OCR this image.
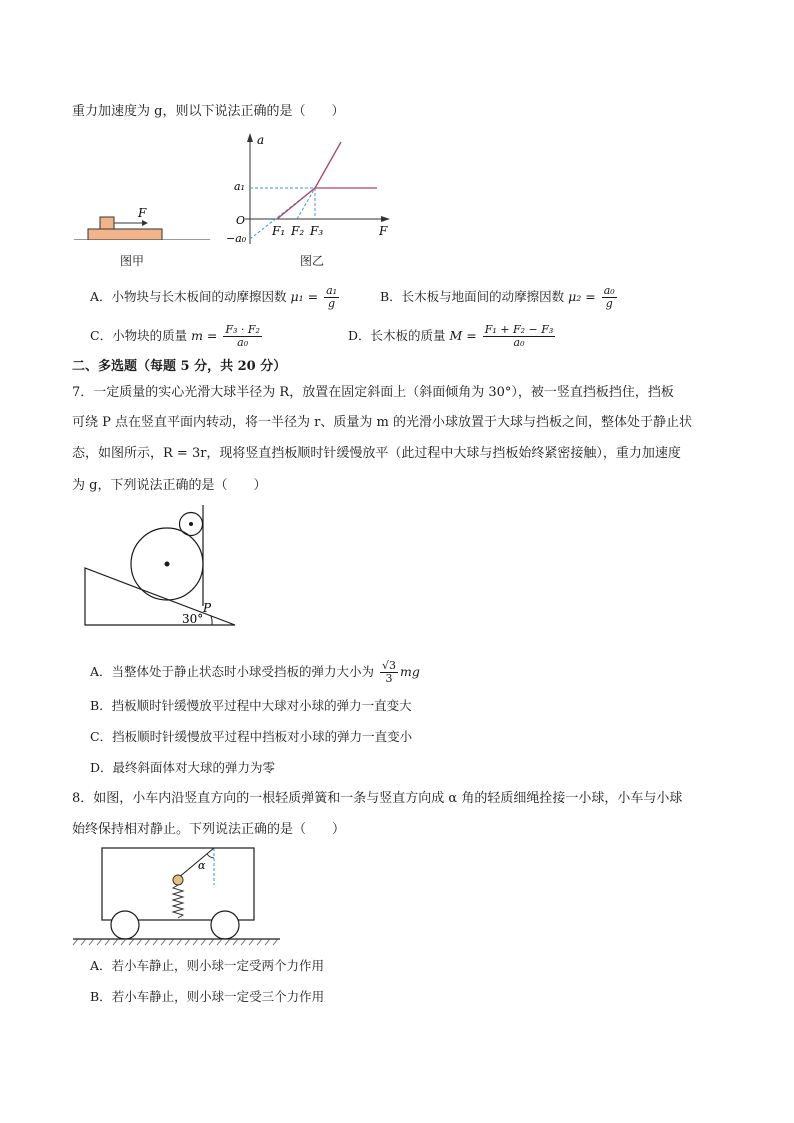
重力加速度为 g，则以下说法正确的是（　　）
F
图甲
a
F
a₁
O
−a₀
F₁ F₂ F₃
图乙
A．小物块与长木板间的动摩擦因数 $\mu_1 = \frac{\text{a₁}}{g}$	B．长木板与地面间的动摩擦因数 $\mu_2 = \frac{\text{a₀}}{g}$
C．小物块的质量 $m = \frac{\text{F₃ · F₂}}{\text{a₀}}$	D．长木板的质量 $M = \frac{\text{F₁ + F₂ − F₃}}{\text{a₀}}$
二、多选题（每题 5 分，共 20 分）
7．一定质量的实心光滑大球半径为 R，放置在固定斜面上（斜面倾角为 30°），被一竖直挡板挡住，挡板
可绕 P 点在竖直平面内转动，将一半径为 r、质量为 m 的光滑小球放置于大球与挡板之间，整体处于静止状
态，如图所示，R = 3r，现将竖直挡板顺时针缓慢放平（此过程中大球与挡板始终紧密接触），重力加速度
为 g，下列说法正确的是（　　）
30°
P
A．当整体处于静止状态时小球受挡板的弹力大小为 $\frac{√3}{3}$ mg
B．挡板顺时针缓慢放平过程中大球对小球的弹力一直变大
C．挡板顺时针缓慢放平过程中挡板对小球的弹力一直变小
D．最终斜面体对大球的弹力为零
8．如图，小车内沿竖直方向的一根轻质弹簧和一条与竖直方向成 α 角的轻质细绳拴接一小球，小车与小球
始终保持相对静止。下列说法正确的是（　　）
α
A．若小车静止，则小球一定受两个力作用
B．若小车静止，则小球一定受三个力作用
